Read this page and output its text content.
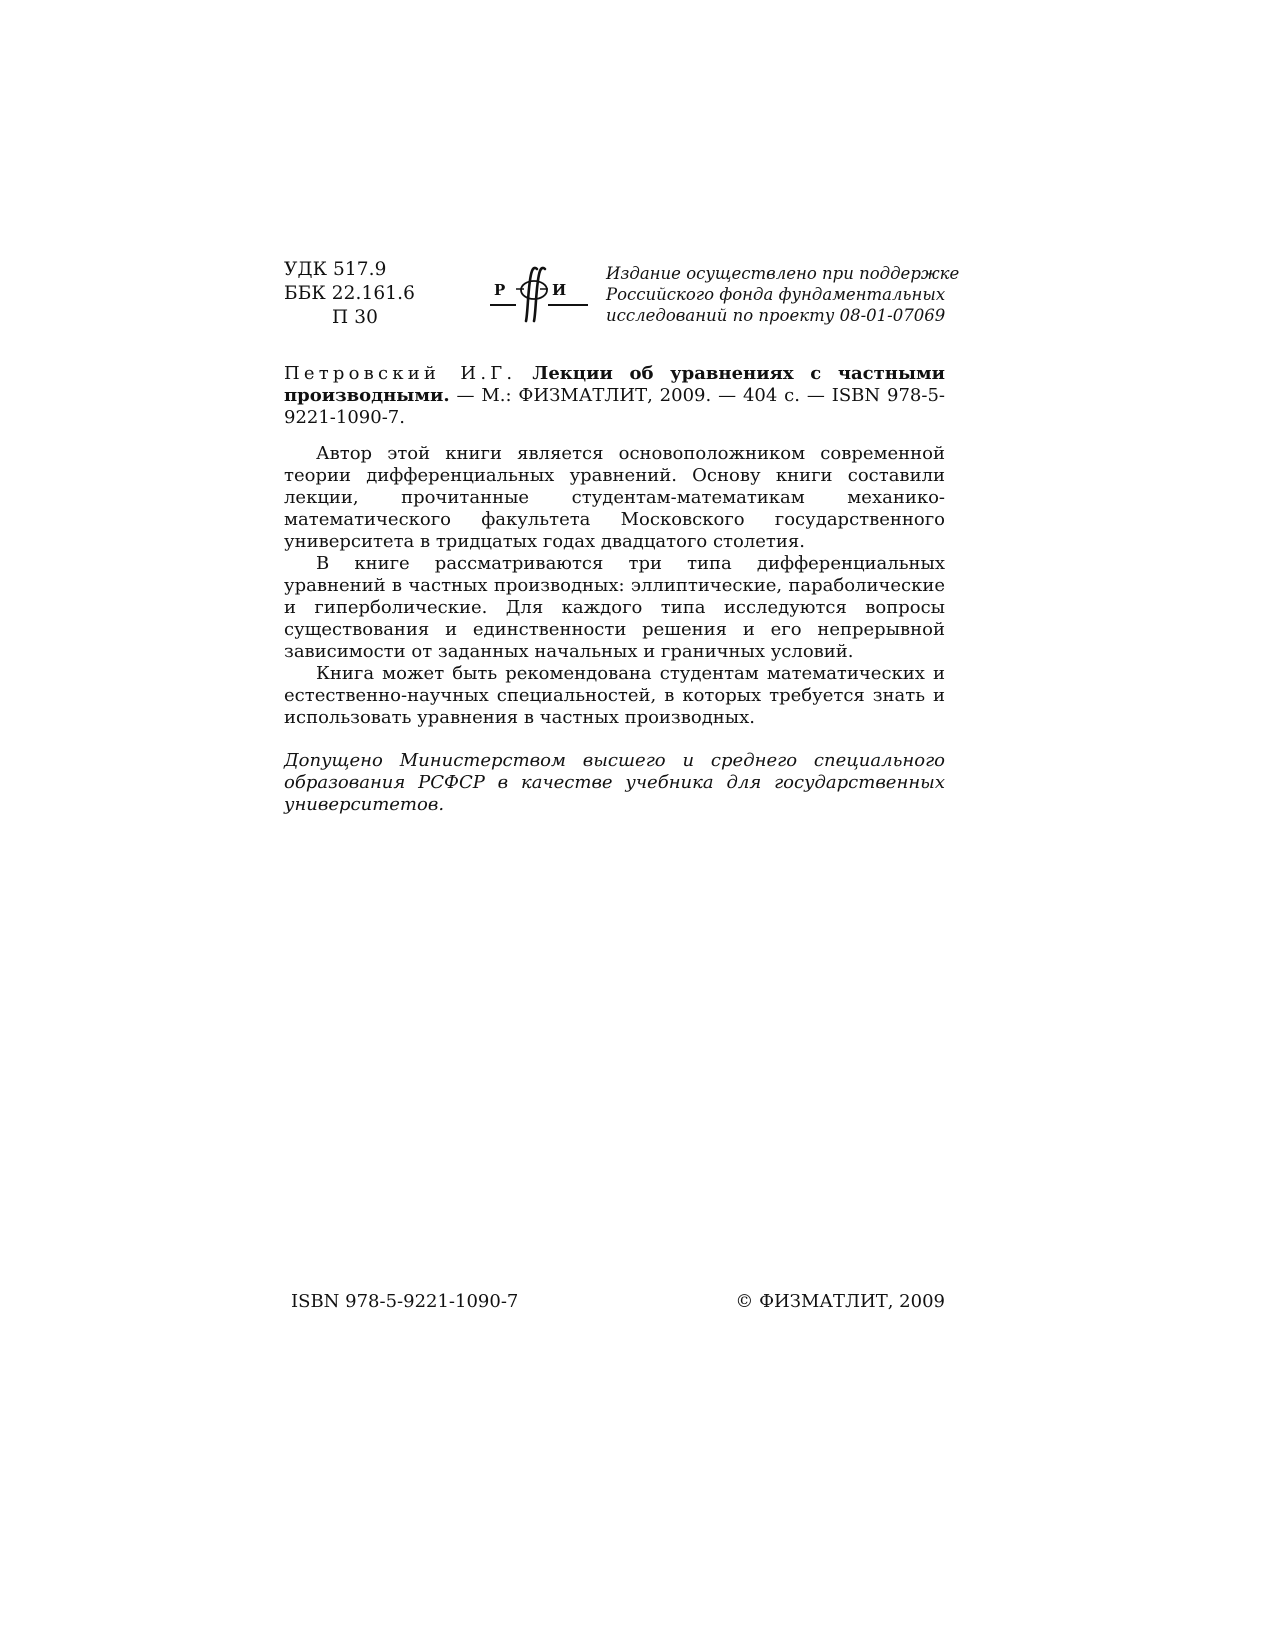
УДК 517.9
ББК 22.161.6
П 30
Р	И
Ф
Издание осуществлено при поддержке
Российского фонда фундаментальных
исследований по проекту 08-01-07069
Петровский И.Г. Лекции об уравнениях с частными производными. — М.: ФИЗМАТЛИТ, 2009. — 404 с. — ISBN 978-5-9221-1090-7.

Автор этой книги является основоположником современной теории дифференциальных уравнений. Основу книги составили лекции, прочитанные студентам-математикам механико-математического факультета Московского государственного университета в тридцатых годах двадцатого столетия.

В книге рассматриваются три типа дифференциальных уравнений в частных производных: эллиптические, параболические и гиперболические. Для каждого типа исследуются вопросы существования и единственности решения и его непрерывной зависимости от заданных начальных и граничных условий.

Книга может быть рекомендована студентам математических и естественно-научных специальностей, в которых требуется знать и использовать уравнения в частных производных.

Допущено Министерством высшего и среднего специального образования РСФСР в качестве учебника для государственных университетов.
ISBN 978-5-9221-1090-7	© ФИЗМАТЛИТ, 2009
